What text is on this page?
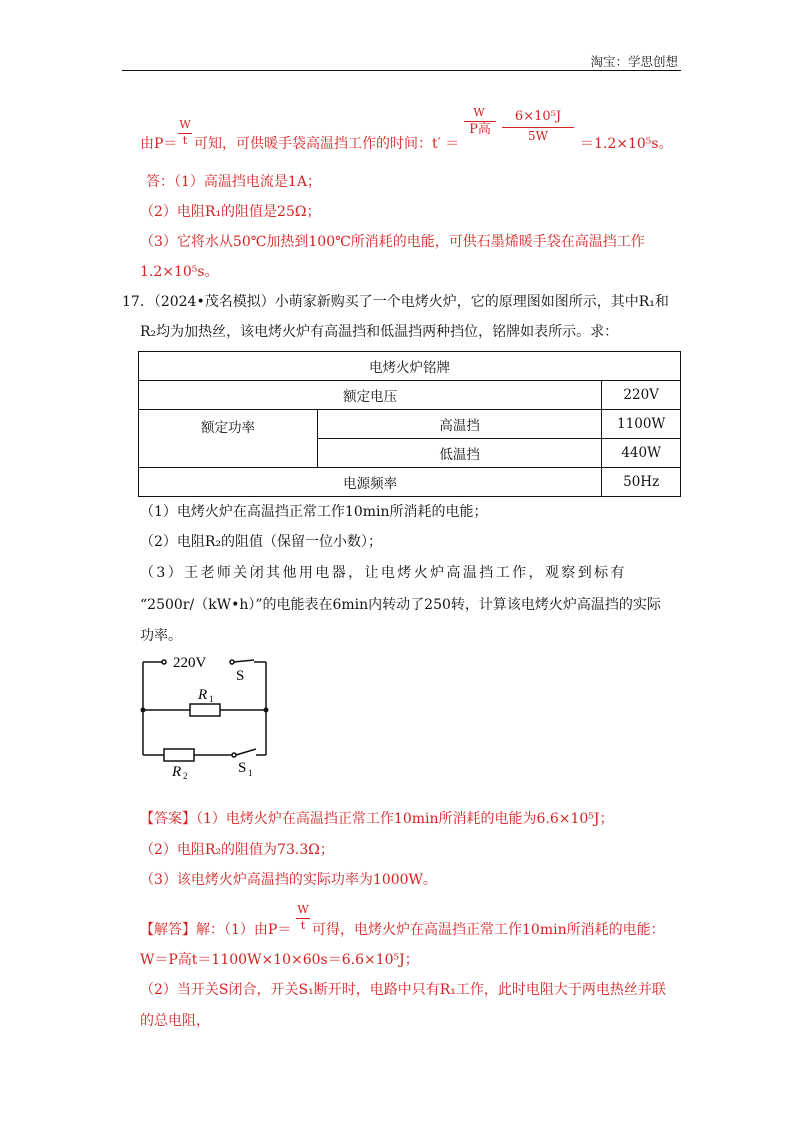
淘宝：学思创想
由P＝
W
t 可知，可供暖手袋高温挡工作的时间：t′ ＝
W
P高
6×10⁵J
5W	＝1.2×10⁵s。
答：（1）高温挡电流是1A；
（2）电阻R₁的阻值是25Ω；
（3）它将水从50℃加热到100℃所消耗的电能，可供石墨烯暖手袋在高温挡工作
1.2×10⁵s。
17．（2024•茂名模拟）小萌家新购买了一个电烤火炉，它的原理图如图所示，其中R₁和
R₂均为加热丝，该电烤火炉有高温挡和低温挡两种挡位，铭牌如表所示。求：
电烤火炉铭牌		
额定电压		220V
额定功率	高温挡	1100W
	低温挡	440W
电源频率		50Hz
（1）电烤火炉在高温挡正常工作10min所消耗的电能；
（2）电阻R₂的阻值（保留一位小数）；
（3）王老师关闭其他用电器，让电烤火炉高温挡工作，观察到标有
“2500r/（kW•h）”的电能表在6min内转动了250转，计算该电烤火炉高温挡的实际
功率。
220V
S
R 1
R 2	S 1
【答案】（1）电烤火炉在高温挡正常工作10min所消耗的电能为6.6×10⁵J；
（2）电阻R₂的阻值为73.3Ω；
（3）该电烤火炉高温挡的实际功率为1000W。
【解答】解：（1）由P＝
W
t 可得，电烤火炉在高温挡正常工作10min所消耗的电能：
W＝P高t＝1100W×10×60s＝6.6×10⁵J；
（2）当开关S闭合，开关S₁断开时，电路中只有R₁工作，此时电阻大于两电热丝并联
的总电阻，
